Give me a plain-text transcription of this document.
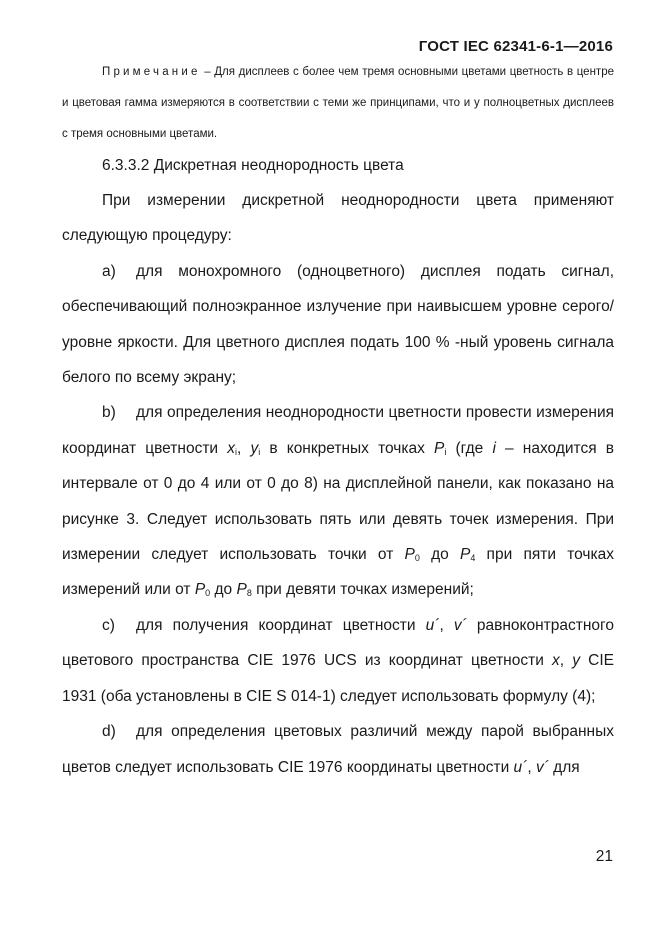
ГОСТ IEC 62341-6-1—2016
Примечание – Для дисплеев с более чем тремя основными цветами цветность в центре и цветовая гамма измеряются в соответствии с теми же принципами, что и у полноцветных дисплеев с тремя основными цветами.

6.3.3.2 Дискретная неоднородность цвета

При измерении дискретной неоднородности цвета применяют следующую процедуру:

a) для монохромного (одноцветного) дисплея подать сигнал, обеспечивающий полноэкранное излучение при наивысшем уровне серого/уровне яркости. Для цветного дисплея подать 100 % -ный уровень сигнала белого по всему экрану;

b) для определения неоднородности цветности провести измерения координат цветности $x_i$, $y_i$ в конкретных точках $P_i$ (где i – находится в интервале от 0 до 4 или от 0 до 8) на дисплейной панели, как показано на рисунке 3. Следует использовать пять или девять точек измерения. При измерении следует использовать точки от $P_0$ до $P_4$ при пяти точках измерений или от $P_0$ до $P_8$ при девяти точках измерений;

c) для получения координат цветности u´, v´ равноконтрастного цветового пространства CIE 1976 UCS из координат цветности x, y CIE 1931 (оба установлены в CIE S 014-1) следует использовать формулу (4);

d) для определения цветовых различий между парой выбранных цветов следует использовать CIE 1976 координаты цветности u´, v´ для

21
